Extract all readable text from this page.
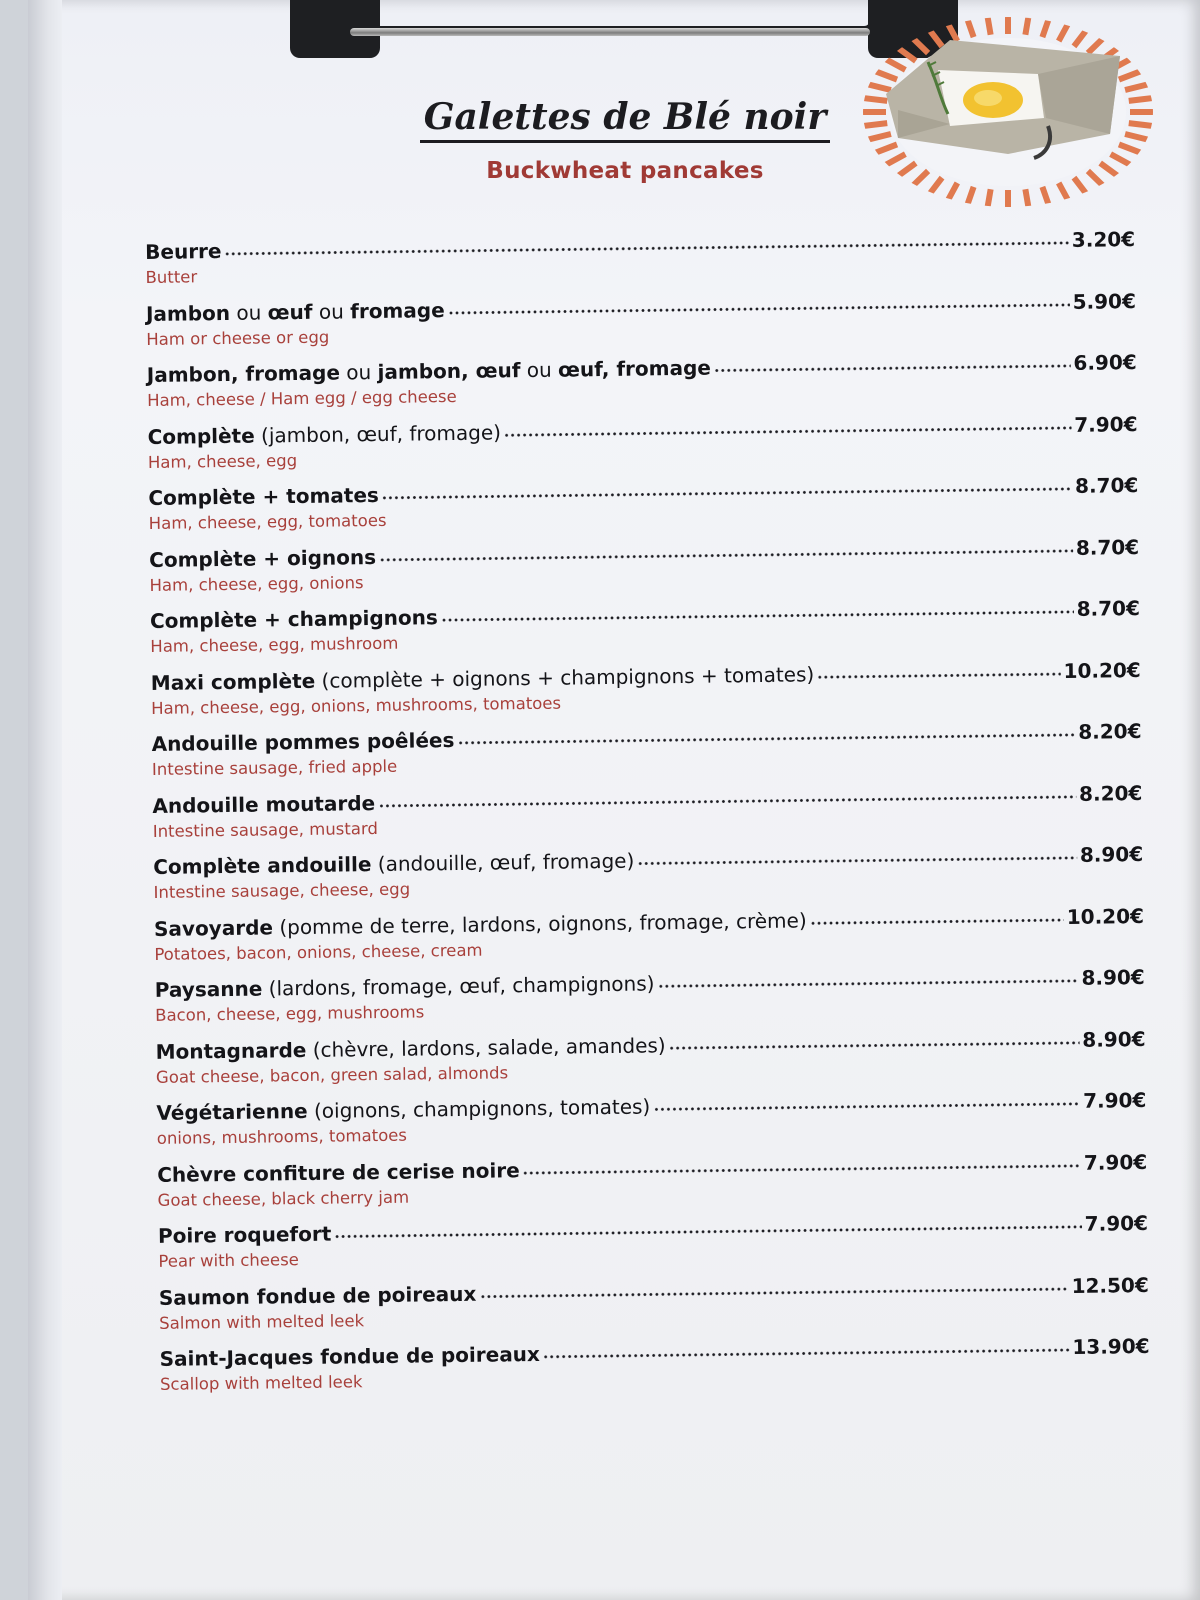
Galettes de Blé noir
Buckwheat pancakes
Beurre	3.20€
Butter
Jambon ou œuf ou fromage	5.90€
Ham or cheese or egg
Jambon, fromage ou jambon, œuf ou œuf, fromage	6.90€
Ham, cheese / Ham egg / egg cheese
Complète (jambon, œuf, fromage)	7.90€
Ham, cheese, egg
Complète + tomates	8.70€
Ham, cheese, egg, tomatoes
Complète + oignons	8.70€
Ham, cheese, egg, onions
Complète + champignons	8.70€
Ham, cheese, egg, mushroom
Maxi complète (complète + oignons + champignons + tomates)	10.20€
Ham, cheese, egg, onions, mushrooms, tomatoes
Andouille pommes poêlées	8.20€
Intestine sausage, fried apple
Andouille moutarde	8.20€
Intestine sausage, mustard
Complète andouille (andouille, œuf, fromage)	8.90€
Intestine sausage, cheese, egg
Savoyarde (pomme de terre, lardons, oignons, fromage, crème)	10.20€
Potatoes, bacon, onions, cheese, cream
Paysanne (lardons, fromage, œuf, champignons)	8.90€
Bacon, cheese, egg, mushrooms
Montagnarde (chèvre, lardons, salade, amandes)	8.90€
Goat cheese, bacon, green salad, almonds
Végétarienne (oignons, champignons, tomates)	7.90€
onions, mushrooms, tomatoes
Chèvre confiture de cerise noire	7.90€
Goat cheese, black cherry jam
Poire roquefort	7.90€
Pear with cheese
Saumon fondue de poireaux	12.50€
Salmon with melted leek
Saint-Jacques fondue de poireaux	13.90€
Scallop with melted leek
